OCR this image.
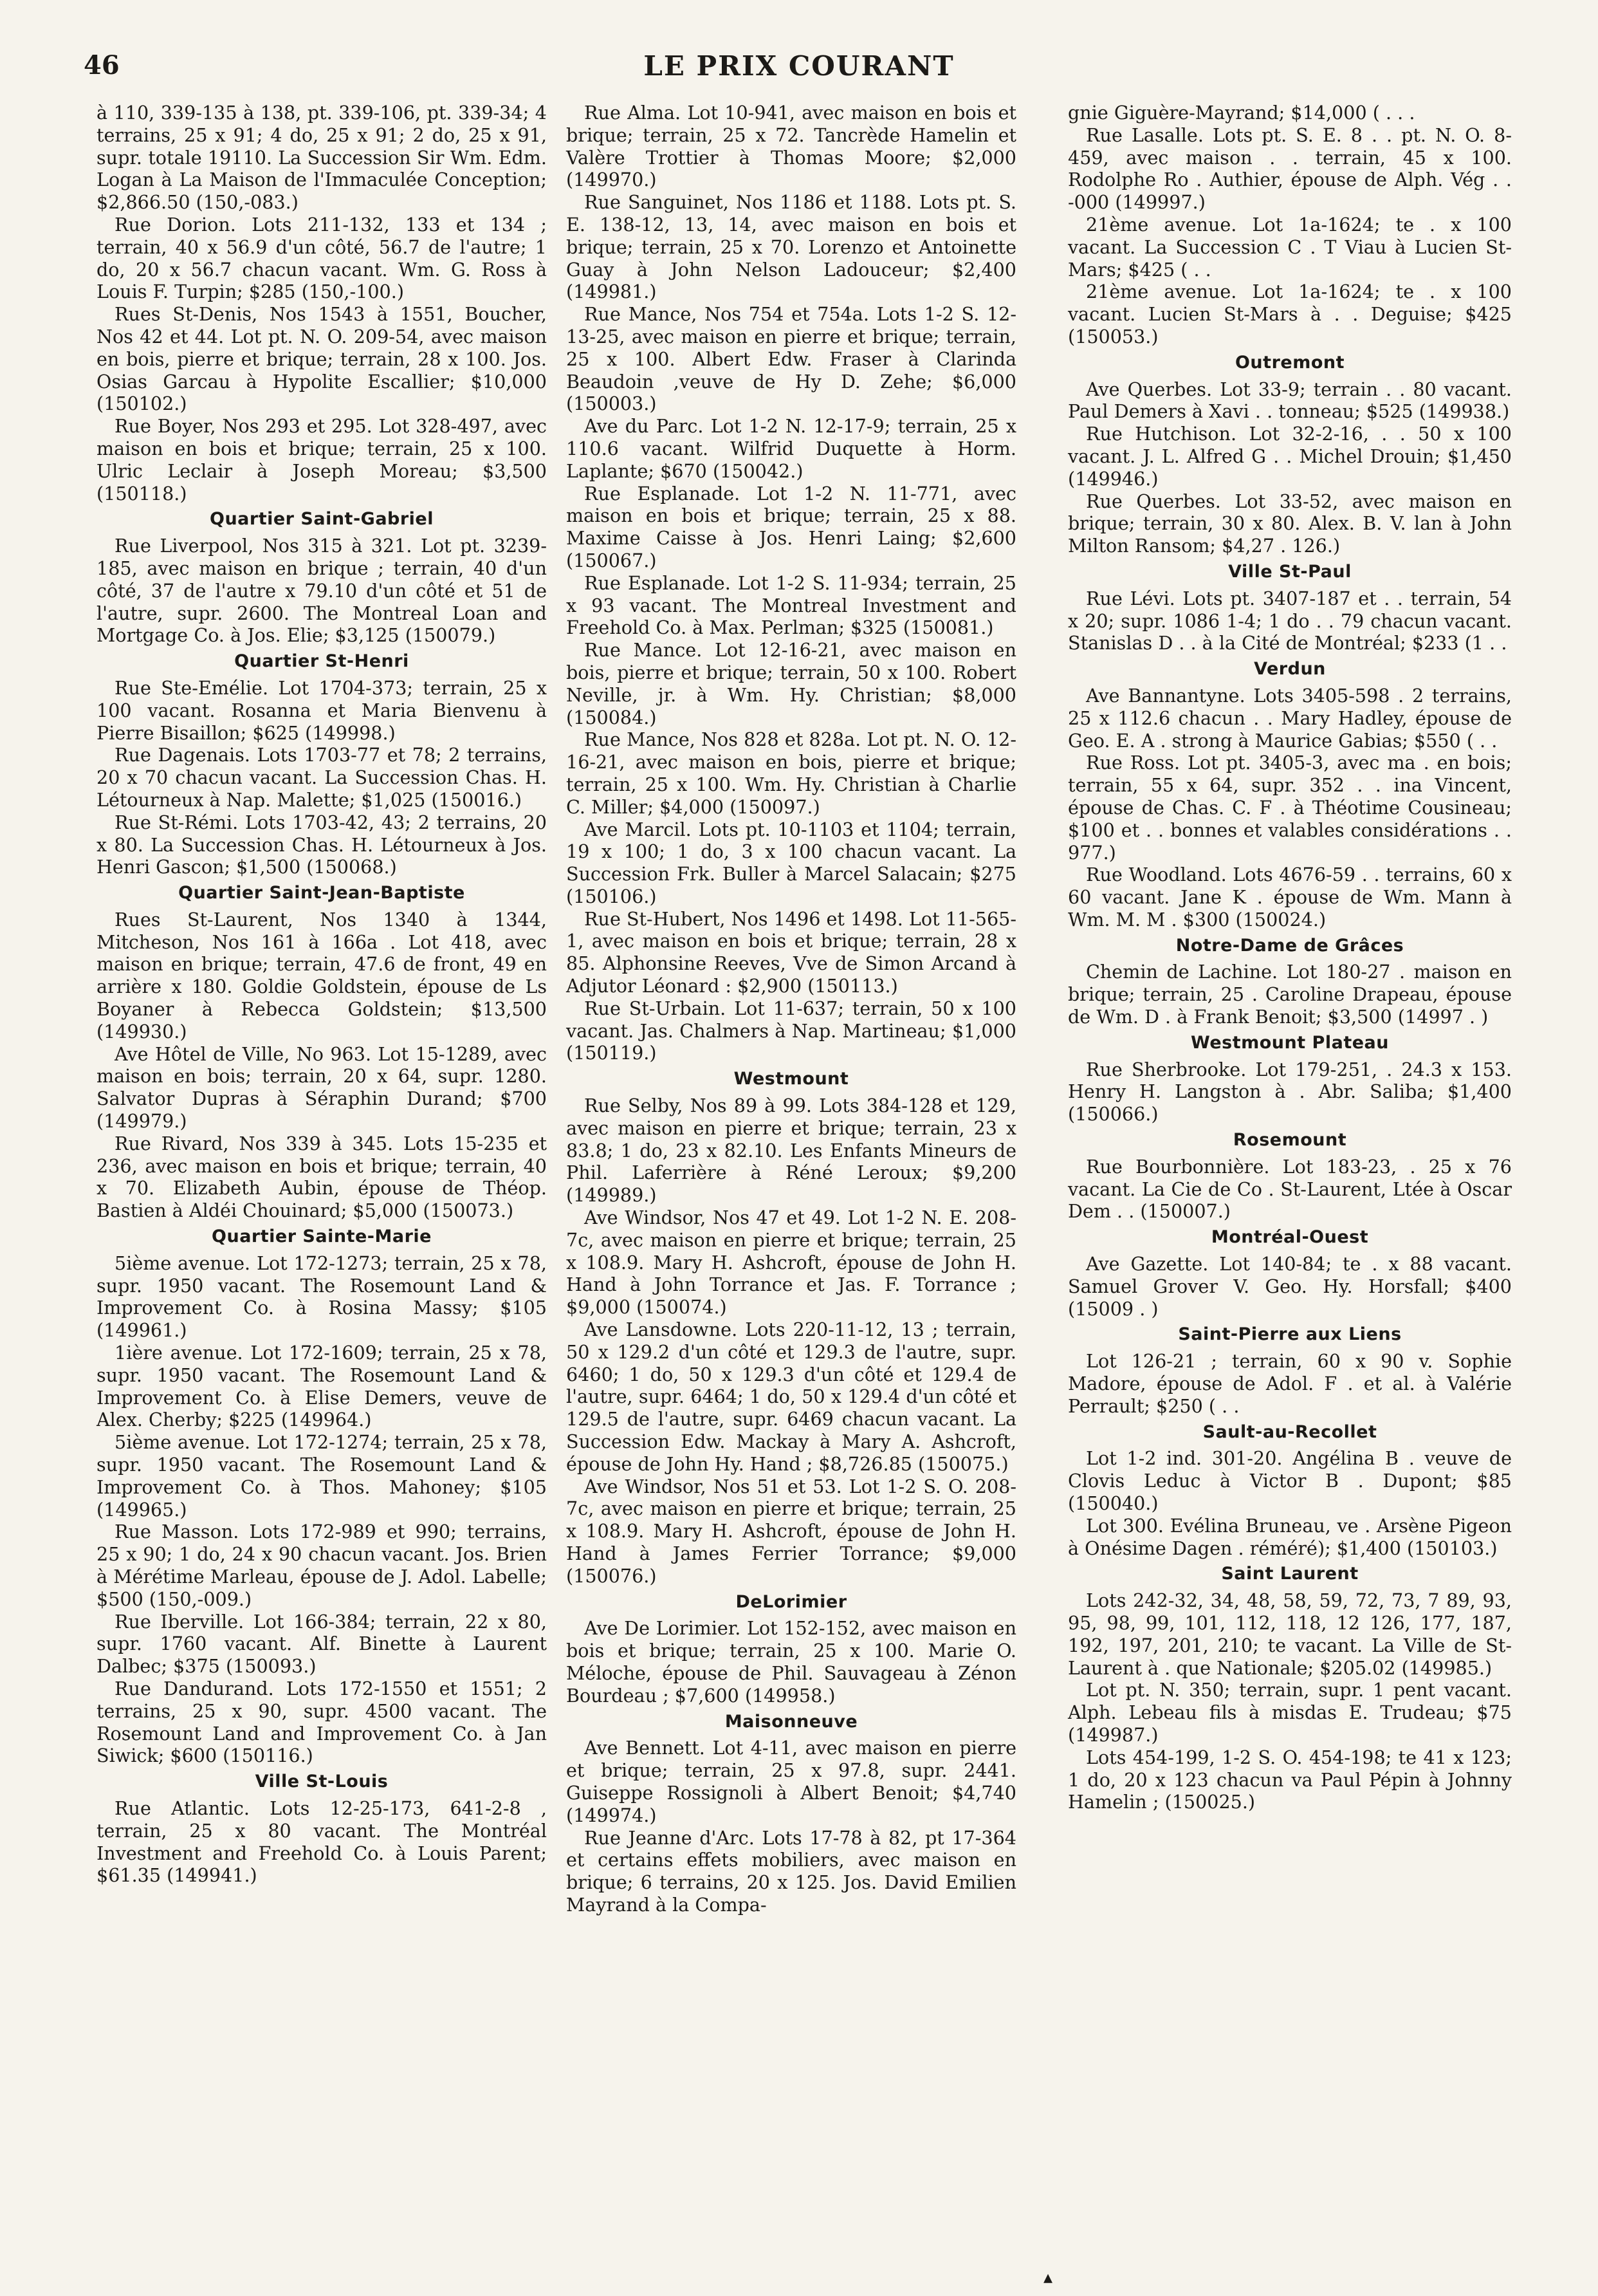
46	LE PRIX COURANT

à 110, 339-135 à 138, pt. 339-106, pt. 339-34; 4 terrains, 25 x 91; 4 do, 25 x 91; 2 do, 25 x 91, supr. totale 19110. La Succession Sir Wm. Edm. Logan à La Maison de l'Immaculée Conception; $2,866.50 (150,-083.)

Rue Dorion. Lots 211-132, 133 et 134 ; terrain, 40 x 56.9 d'un côté, 56.7 de l'autre; 1 do, 20 x 56.7 chacun vacant. Wm. G. Ross à Louis F. Turpin; $285 (150,-100.)

Rues St-Denis, Nos 1543 à 1551, Boucher, Nos 42 et 44. Lot pt. N. O. 209-54, avec maison en bois, pierre et brique; terrain, 28 x 100. Jos. Osias Garcau à Hypolite Escallier; $10,000 (150102.)

Rue Boyer, Nos 293 et 295. Lot 328-497, avec maison en bois et brique; terrain, 25 x 100. Ulric Leclair à Joseph Moreau; $3,500 (150118.)

Quartier Saint-Gabriel

Rue Liverpool, Nos 315 à 321. Lot pt. 3239-185, avec maison en brique ; terrain, 40 d'un côté, 37 de l'autre x 79.10 d'un côté et 51 de l'autre, supr. 2600. The Montreal Loan and Mortgage Co. à Jos. Elie; $3,125 (150079.)

Quartier St-Henri

Rue Ste-Emélie. Lot 1704-373; terrain, 25 x 100 vacant. Rosanna et Maria Bienvenu à Pierre Bisaillon; $625 (149998.)

Rue Dagenais. Lots 1703-77 et 78; 2 terrains, 20 x 70 chacun vacant. La Succession Chas. H. Létourneux à Nap. Malette; $1,025 (150016.)

Rue St-Rémi. Lots 1703-42, 43; 2 terrains, 20 x 80. La Succession Chas. H. Létourneux à Jos. Henri Gascon; $1,500 (150068.)

Quartier Saint-Jean-Baptiste

Rues St-Laurent, Nos 1340 à 1344, Mitcheson, Nos 161 à 166a . Lot 418, avec maison en brique; terrain, 47.6 de front, 49 en arrière x 180. Goldie Goldstein, épouse de Ls Boyaner à Rebecca Goldstein; $13,500 (149930.)

Ave Hôtel de Ville, No 963. Lot 15-1289, avec maison en bois; terrain, 20 x 64, supr. 1280. Salvator Dupras à Séraphin Durand; $700 (149979.)

Rue Rivard, Nos 339 à 345. Lots 15-235 et 236, avec maison en bois et brique; terrain, 40 x 70. Elizabeth Aubin, épouse de Théop. Bastien à Aldéi Chouinard; $5,000 (150073.)

Quartier Sainte-Marie

5ième avenue. Lot 172-1273; terrain, 25 x 78, supr. 1950 vacant. The Rosemount Land & Improvement Co. à Rosina Massy; $105 (149961.)

1ière avenue. Lot 172-1609; terrain, 25 x 78, supr. 1950 vacant. The Rosemount Land & Improvement Co. à Elise Demers, veuve de Alex. Cherby; $225 (149964.)

5ième avenue. Lot 172-1274; terrain, 25 x 78, supr. 1950 vacant. The Rosemount Land & Improvement Co. à Thos. Mahoney; $105 (149965.)

Rue Masson. Lots 172-989 et 990; terrains, 25 x 90; 1 do, 24 x 90 chacun vacant. Jos. Brien à Mérétime Marleau, épouse de J. Adol. Labelle; $500 (150,-009.)

Rue Iberville. Lot 166-384; terrain, 22 x 80, supr. 1760 vacant. Alf. Binette à Laurent Dalbec; $375 (150093.)

Rue Dandurand. Lots 172-1550 et 1551; 2 terrains, 25 x 90, supr. 4500 vacant. The Rosemount Land and Improvement Co. à Jan Siwick; $600 (150116.)

Ville St-Louis

Rue Atlantic. Lots 12-25-173, 641-2-8 , terrain, 25 x 80 vacant. The Montréal Investment and Freehold Co. à Louis Parent; $61.35 (149941.)

Rue Alma. Lot 10-941, avec maison en bois et brique; terrain, 25 x 72. Tancrède Hamelin et Valère Trottier à Thomas Moore; $2,000 (149970.)

Rue Sanguinet, Nos 1186 et 1188. Lots pt. S. E. 138-12, 13, 14, avec maison en bois et brique; terrain, 25 x 70. Lorenzo et Antoinette Guay à John Nelson Ladouceur; $2,400 (149981.)

Rue Mance, Nos 754 et 754a. Lots 1-2 S. 12-13-25, avec maison en pierre et brique; terrain, 25 x 100. Albert Edw. Fraser à Clarinda Beaudoin ,veuve de Hy D. Zehe; $6,000 (150003.)

Ave du Parc. Lot 1-2 N. 12-17-9; terrain, 25 x 110.6 vacant. Wilfrid Duquette à Horm. Laplante; $670 (150042.)

Rue Esplanade. Lot 1-2 N. 11-771, avec maison en bois et brique; terrain, 25 x 88. Maxime Caisse à Jos. Henri Laing; $2,600 (150067.)

Rue Esplanade. Lot 1-2 S. 11-934; terrain, 25 x 93 vacant. The Montreal Investment and Freehold Co. à Max. Perlman; $325 (150081.)

Rue Mance. Lot 12-16-21, avec maison en bois, pierre et brique; terrain, 50 x 100. Robert Neville, jr. à Wm. Hy. Christian; $8,000 (150084.)

Rue Mance, Nos 828 et 828a. Lot pt. N. O. 12-16-21, avec maison en bois, pierre et brique; terrain, 25 x 100. Wm. Hy. Christian à Charlie C. Miller; $4,000 (150097.)

Ave Marcil. Lots pt. 10-1103 et 1104; terrain, 19 x 100; 1 do, 3 x 100 chacun vacant. La Succession Frk. Buller à Marcel Salacain; $275 (150106.)

Rue St-Hubert, Nos 1496 et 1498. Lot 11-565-1, avec maison en bois et brique; terrain, 28 x 85. Alphonsine Reeves, Vve de Simon Arcand à Adjutor Léonard : $2,900 (150113.)

Rue St-Urbain. Lot 11-637; terrain, 50 x 100 vacant. Jas. Chalmers à Nap. Martineau; $1,000 (150119.)

Westmount

Rue Selby, Nos 89 à 99. Lots 384-128 et 129, avec maison en pierre et brique; terrain, 23 x 83.8; 1 do, 23 x 82.10. Les Enfants Mineurs de Phil. Laferrière à Réné Leroux; $9,200 (149989.)

Ave Windsor, Nos 47 et 49. Lot 1-2 N. E. 208-7c, avec maison en pierre et brique; terrain, 25 x 108.9. Mary H. Ashcroft, épouse de John H. Hand à John Torrance et Jas. F. Torrance ; $9,000 (150074.)

Ave Lansdowne. Lots 220-11-12, 13 ; terrain, 50 x 129.2 d'un côté et 129.3 de l'autre, supr. 6460; 1 do, 50 x 129.3 d'un côté et 129.4 de l'autre, supr. 6464; 1 do, 50 x 129.4 d'un côté et 129.5 de l'autre, supr. 6469 chacun vacant. La Succession Edw. Mackay à Mary A. Ashcroft, épouse de John Hy. Hand ; $8,726.85 (150075.)

Ave Windsor, Nos 51 et 53. Lot 1-2 S. O. 208-7c, avec maison en pierre et brique; terrain, 25 x 108.9. Mary H. Ashcroft, épouse de John H. Hand à James Ferrier Torrance; $9,000 (150076.)

DeLorimier

Ave De Lorimier. Lot 152-152, avec maison en bois et brique; terrain, 25 x 100. Marie O. Méloche, épouse de Phil. Sauvageau à Zénon Bourdeau ; $7,600 (149958.)

Maisonneuve

Ave Bennett. Lot 4-11, avec maison en pierre et brique; terrain, 25 x 97.8, supr. 2441. Guiseppe Rossignoli à Albert Benoit; $4,740 (149974.)

Rue Jeanne d'Arc. Lots 17-78 à 82, pt 17-364 et certains effets mobiliers, avec maison en brique; 6 terrains, 20 x 125. Jos. David Emilien Mayrand à la Compa-

gnie Giguère-Mayrand; $14,000 ( . . .

Rue Lasalle. Lots pt. S. E. 8 . . pt. N. O. 8-459, avec maison . . terrain, 45 x 100. Rodolphe Ro . Authier, épouse de Alph. Vég . . -000 (149997.)

21ème avenue. Lot 1a-1624; te . x 100 vacant. La Succession C . T Viau à Lucien St-Mars; $425 ( . .

21ème avenue. Lot 1a-1624; te . x 100 vacant. Lucien St-Mars à . . Deguise; $425 (150053.)

Outremont

Ave Querbes. Lot 33-9; terrain . . 80 vacant. Paul Demers à Xavi . . tonneau; $525 (149938.)

Rue Hutchison. Lot 32-2-16, . . 50 x 100 vacant. J. L. Alfred G . . Michel Drouin; $1,450 (149946.)

Rue Querbes. Lot 33-52, avec maison en brique; terrain, 30 x 80. Alex. B. V. lan à John Milton Ransom; $4,27 . 126.)

Ville St-Paul

Rue Lévi. Lots pt. 3407-187 et . . terrain, 54 x 20; supr. 1086 1-4; 1 do . . 79 chacun vacant. Stanislas D . . à la Cité de Montréal; $233 (1 . .

Verdun

Ave Bannantyne. Lots 3405-598 . 2 terrains, 25 x 112.6 chacun . . Mary Hadley, épouse de Geo. E. A . strong à Maurice Gabias; $550 ( . .

Rue Ross. Lot pt. 3405-3, avec ma . en bois; terrain, 55 x 64, supr. 352 . . ina Vincent, épouse de Chas. C. F . à Théotime Cousineau; $100 et . . bonnes et valables considérations . . 977.)

Rue Woodland. Lots 4676-59 . . terrains, 60 x 60 vacant. Jane K . épouse de Wm. Mann à Wm. M. M . $300 (150024.)

Notre-Dame de Grâces

Chemin de Lachine. Lot 180-27 . maison en brique; terrain, 25 . Caroline Drapeau, épouse de Wm. D . à Frank Benoit; $3,500 (14997 . )

Westmount Plateau

Rue Sherbrooke. Lot 179-251, . 24.3 x 153. Henry H. Langston à . Abr. Saliba; $1,400 (150066.)

Rosemount

Rue Bourbonnière. Lot 183-23, . 25 x 76 vacant. La Cie de Co . St-Laurent, Ltée à Oscar Dem . . (150007.)

Montréal-Ouest

Ave Gazette. Lot 140-84; te . x 88 vacant. Samuel Grover V. Geo. Hy. Horsfall; $400 (15009 . )

Saint-Pierre aux Liens

Lot 126-21 ; terrain, 60 x 90 v. Sophie Madore, épouse de Adol. F . et al. à Valérie Perrault; $250 ( . .

Sault-au-Recollet

Lot 1-2 ind. 301-20. Angélina B . veuve de Clovis Leduc à Victor B . Dupont; $85 (150040.)

Lot 300. Evélina Bruneau, ve . Arsène Pigeon à Onésime Dagen . réméré); $1,400 (150103.)

Saint Laurent

Lots 242-32, 34, 48, 58, 59, 72, 73, 7 89, 93, 95, 98, 99, 101, 112, 118, 12 126, 177, 187, 192, 197, 201, 210; te vacant. La Ville de St-Laurent à . que Nationale; $205.02 (149985.)

Lot pt. N. 350; terrain, supr. 1 pent vacant. Alph. Lebeau fils à misdas E. Trudeau; $75 (149987.)

Lots 454-199, 1-2 S. O. 454-198; te 41 x 123; 1 do, 20 x 123 chacun va Paul Pépin à Johnny Hamelin ; (150025.)

▴
